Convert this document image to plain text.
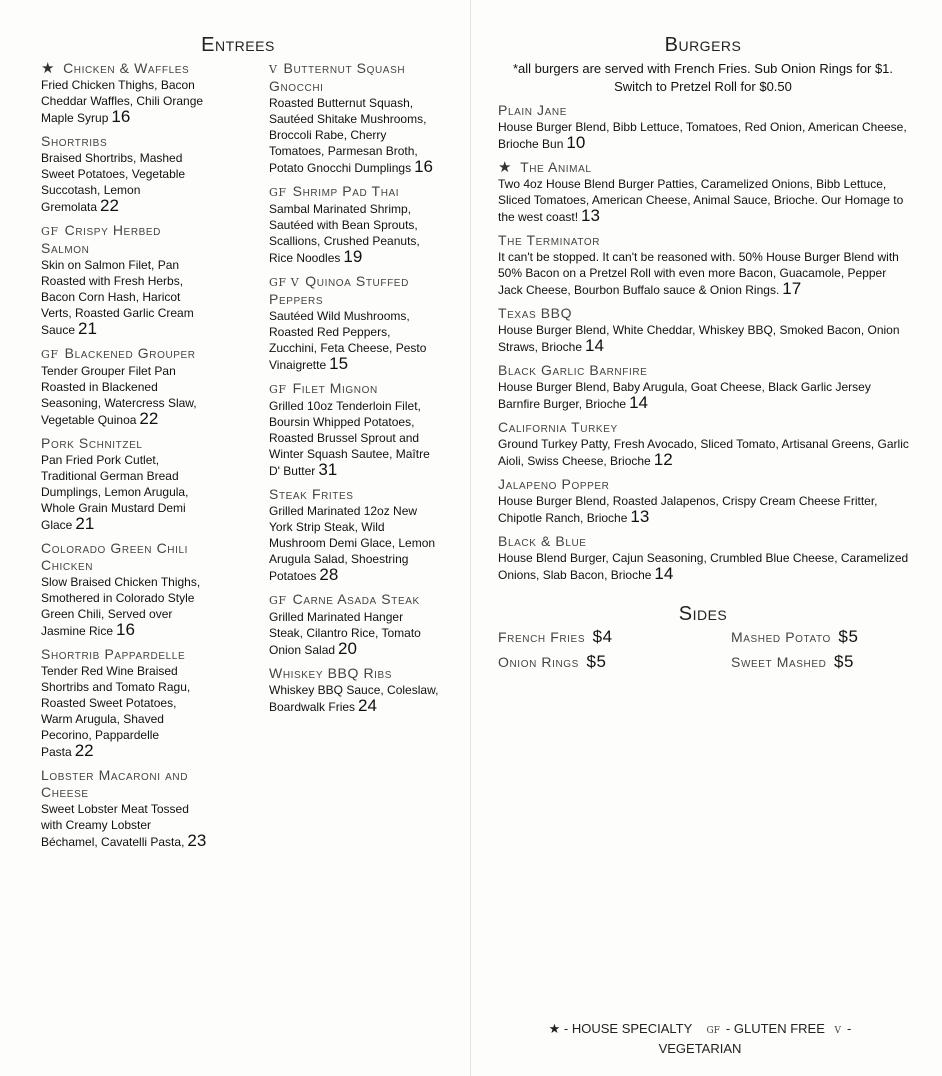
Entrees
★ Chicken & Waffles
Fried Chicken Thighs, Bacon Cheddar Waffles, Chili Orange Maple Syrup 16
Shortribs
Braised Shortribs, Mashed Sweet Potatoes, Vegetable Succotash, Lemon Gremolata 22
GF Crispy Herbed Salmon
Skin on Salmon Filet, Pan Roasted with Fresh Herbs, Bacon Corn Hash, Haricot Verts, Roasted Garlic Cream Sauce 21
GF Blackened Grouper
Tender Grouper Filet Pan Roasted in Blackened Seasoning, Watercress Slaw, Vegetable Quinoa 22
Pork Schnitzel
Pan Fried Pork Cutlet, Traditional German Bread Dumplings, Lemon Arugula, Whole Grain Mustard Demi Glace 21
Colorado Green Chili Chicken
Slow Braised Chicken Thighs, Smothered in Colorado Style Green Chili, Served over Jasmine Rice 16
Shortrib Pappardelle
Tender Red Wine Braised Shortribs and Tomato Ragu, Roasted Sweet Potatoes, Warm Arugula, Shaved Pecorino, Pappardelle Pasta 22
Lobster Macaroni and Cheese
Sweet Lobster Meat Tossed with Creamy Lobster Béchamel, Cavatelli Pasta, 23
V Butternut Squash Gnocchi
Roasted Butternut Squash, Sautéed Shitake Mushrooms, Broccoli Rabe, Cherry Tomatoes, Parmesan Broth, Potato Gnocchi Dumplings 16
GF Shrimp Pad Thai
Sambal Marinated Shrimp, Sautéed with Bean Sprouts, Scallions, Crushed Peanuts, Rice Noodles 19
GF V Quinoa Stuffed Peppers
Sautéed Wild Mushrooms, Roasted Red Peppers, Zucchini, Feta Cheese, Pesto Vinaigrette 15
GF Filet Mignon
Grilled 10oz Tenderloin Filet, Boursin Whipped Potatoes, Roasted Brussel Sprout and Winter Squash Sautee, Maître D' Butter 31
Steak Frites
Grilled Marinated 12oz New York Strip Steak, Wild Mushroom Demi Glace, Lemon Arugula Salad, Shoestring Potatoes 28
GF Carne Asada Steak
Grilled Marinated Hanger Steak, Cilantro Rice, Tomato Onion Salad 20
Whiskey BBQ Ribs
Whiskey BBQ Sauce, Coleslaw, Boardwalk Fries 24
Burgers
*all burgers are served with French Fries. Sub Onion Rings for $1. Switch to Pretzel Roll for $0.50
Plain Jane
House Burger Blend, Bibb Lettuce, Tomatoes, Red Onion, American Cheese, Brioche Bun 10
★ The Animal
Two 4oz House Blend Burger Patties, Caramelized Onions, Bibb Lettuce, Sliced Tomatoes, American Cheese, Animal Sauce, Brioche. Our Homage to the west coast! 13
The Terminator
It can't be stopped. It can't be reasoned with. 50% House Burger Blend with 50% Bacon on a Pretzel Roll with even more Bacon, Guacamole, Pepper Jack Cheese, Bourbon Buffalo sauce & Onion Rings. 17
Texas BBQ
House Burger Blend, White Cheddar, Whiskey BBQ, Smoked Bacon, Onion Straws, Brioche 14
Black Garlic Barnfire
House Burger Blend, Baby Arugula, Goat Cheese, Black Garlic Jersey Barnfire Burger, Brioche 14
California Turkey
Ground Turkey Patty, Fresh Avocado, Sliced Tomato, Artisanal Greens, Garlic Aioli, Swiss Cheese, Brioche 12
Jalapeno Popper
House Burger Blend, Roasted Jalapenos, Crispy Cream Cheese Fritter, Chipotle Ranch, Brioche 13
Black & Blue
House Blend Burger, Cajun Seasoning, Crumbled Blue Cheese, Caramelized Onions, Slab Bacon, Brioche 14
Sides
French Fries $4	Mashed Potato $5
Onion Rings $5	Sweet Mashed $5
★ - HOUSE SPECIALTY GF - GLUTEN FREE V - VEGETARIAN
